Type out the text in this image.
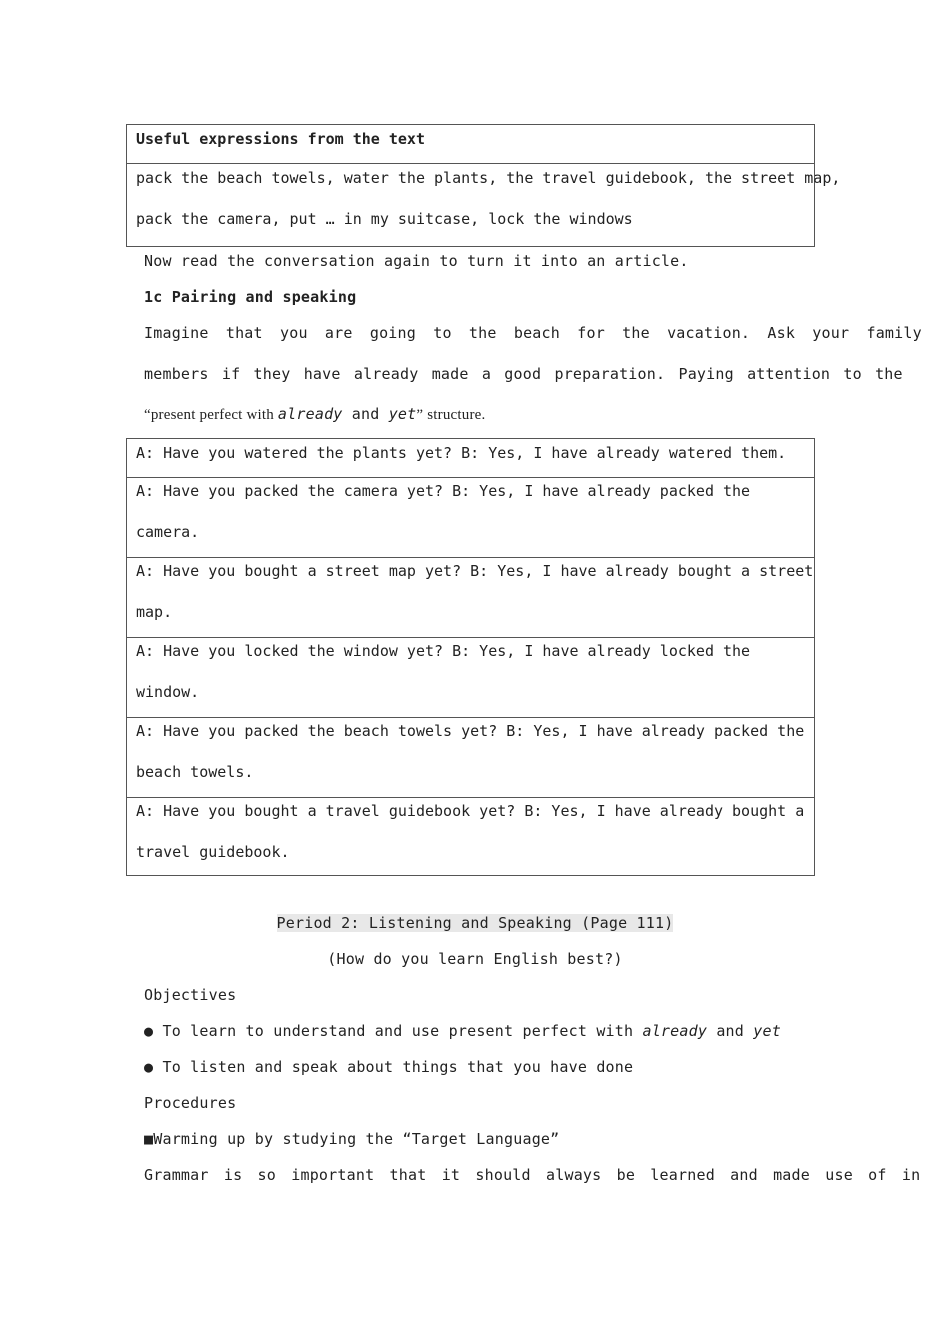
Useful expressions from the text
pack the beach towels, water the plants, the travel guidebook, the street map,
pack the camera, put … in my suitcase, lock the windows
Now read the conversation again to turn it into an article.
1c Pairing and speaking
Imagine that you are going to the beach for the vacation. Ask your family
members if they have already made a good preparation. Paying attention to the
“present perfect with already and yet” structure.
A: Have you watered the plants yet? B: Yes, I have already watered them.
A: Have you packed the camera yet? B: Yes, I have already packed the
camera.
A: Have you bought a street map yet? B: Yes, I have already bought a street
map.
A: Have you locked the window yet? B: Yes, I have already locked the
window.
A: Have you packed the beach towels yet? B: Yes, I have already packed the
beach towels.
A: Have you bought a travel guidebook yet? B: Yes, I have already bought a
travel guidebook.
Period 2: Listening and Speaking (Page 111)
(How do you learn English best?)
Objectives
● To learn to understand and use present perfect with already and yet
● To listen and speak about things that you have done
Procedures
■Warming up by studying the “Target Language”
Grammar is so important that it should always be learned and made use of in
